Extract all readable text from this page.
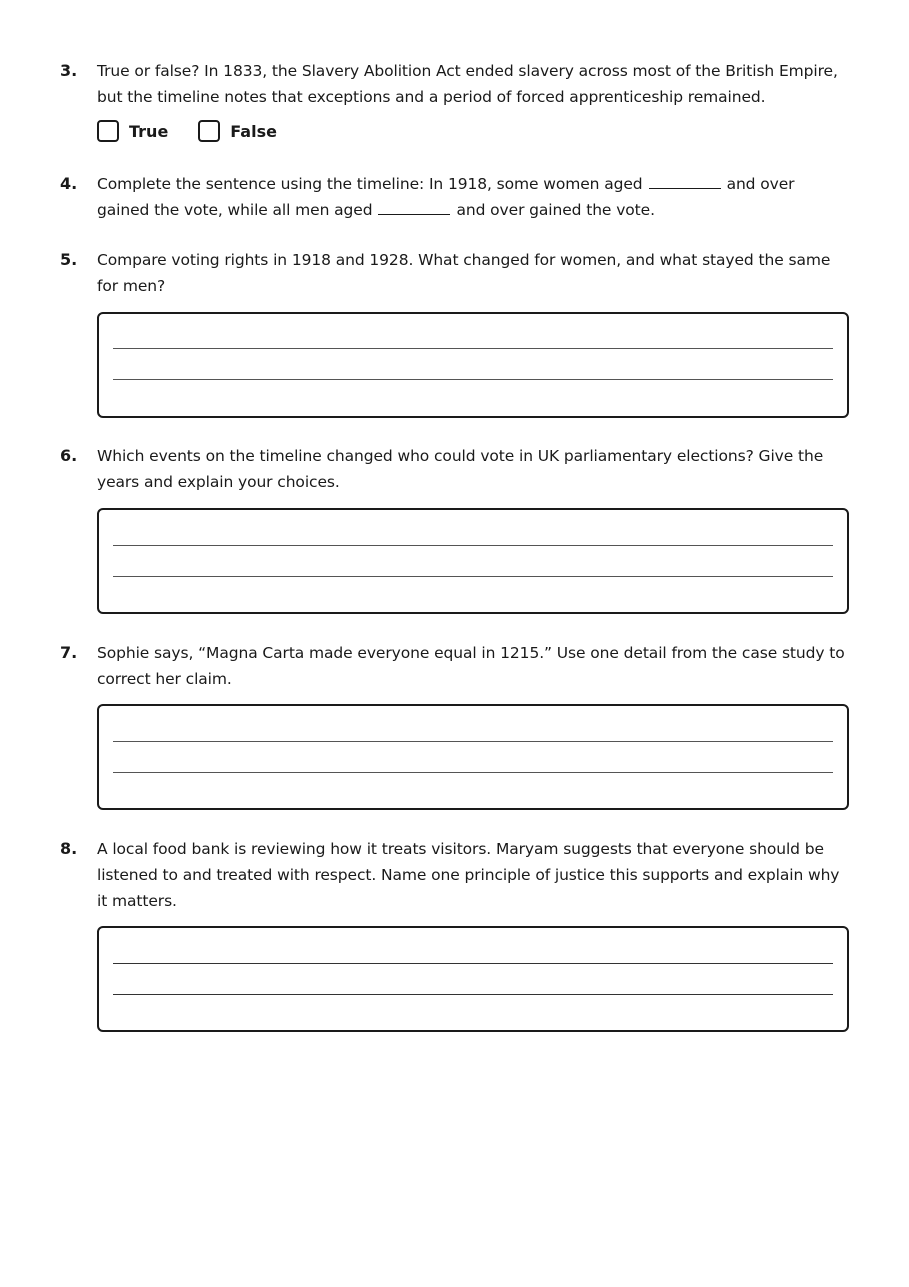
3. True or false? In 1833, the Slavery Abolition Act ended slavery across most of the British Empire, but the timeline notes that exceptions and a period of forced apprenticeship remained.
True	False
4. Complete the sentence using the timeline: In 1918, some women aged	and over gained the vote, while all men aged	and over gained the vote.
5. Compare voting rights in 1918 and 1928. What changed for women, and what stayed the same for men?
6. Which events on the timeline changed who could vote in UK parliamentary elections? Give the years and explain your choices.
7. Sophie says, “Magna Carta made everyone equal in 1215.” Use one detail from the case study to correct her claim.
8. A local food bank is reviewing how it treats visitors. Maryam suggests that everyone should be listened to and treated with respect. Name one principle of justice this supports and explain why it matters.
